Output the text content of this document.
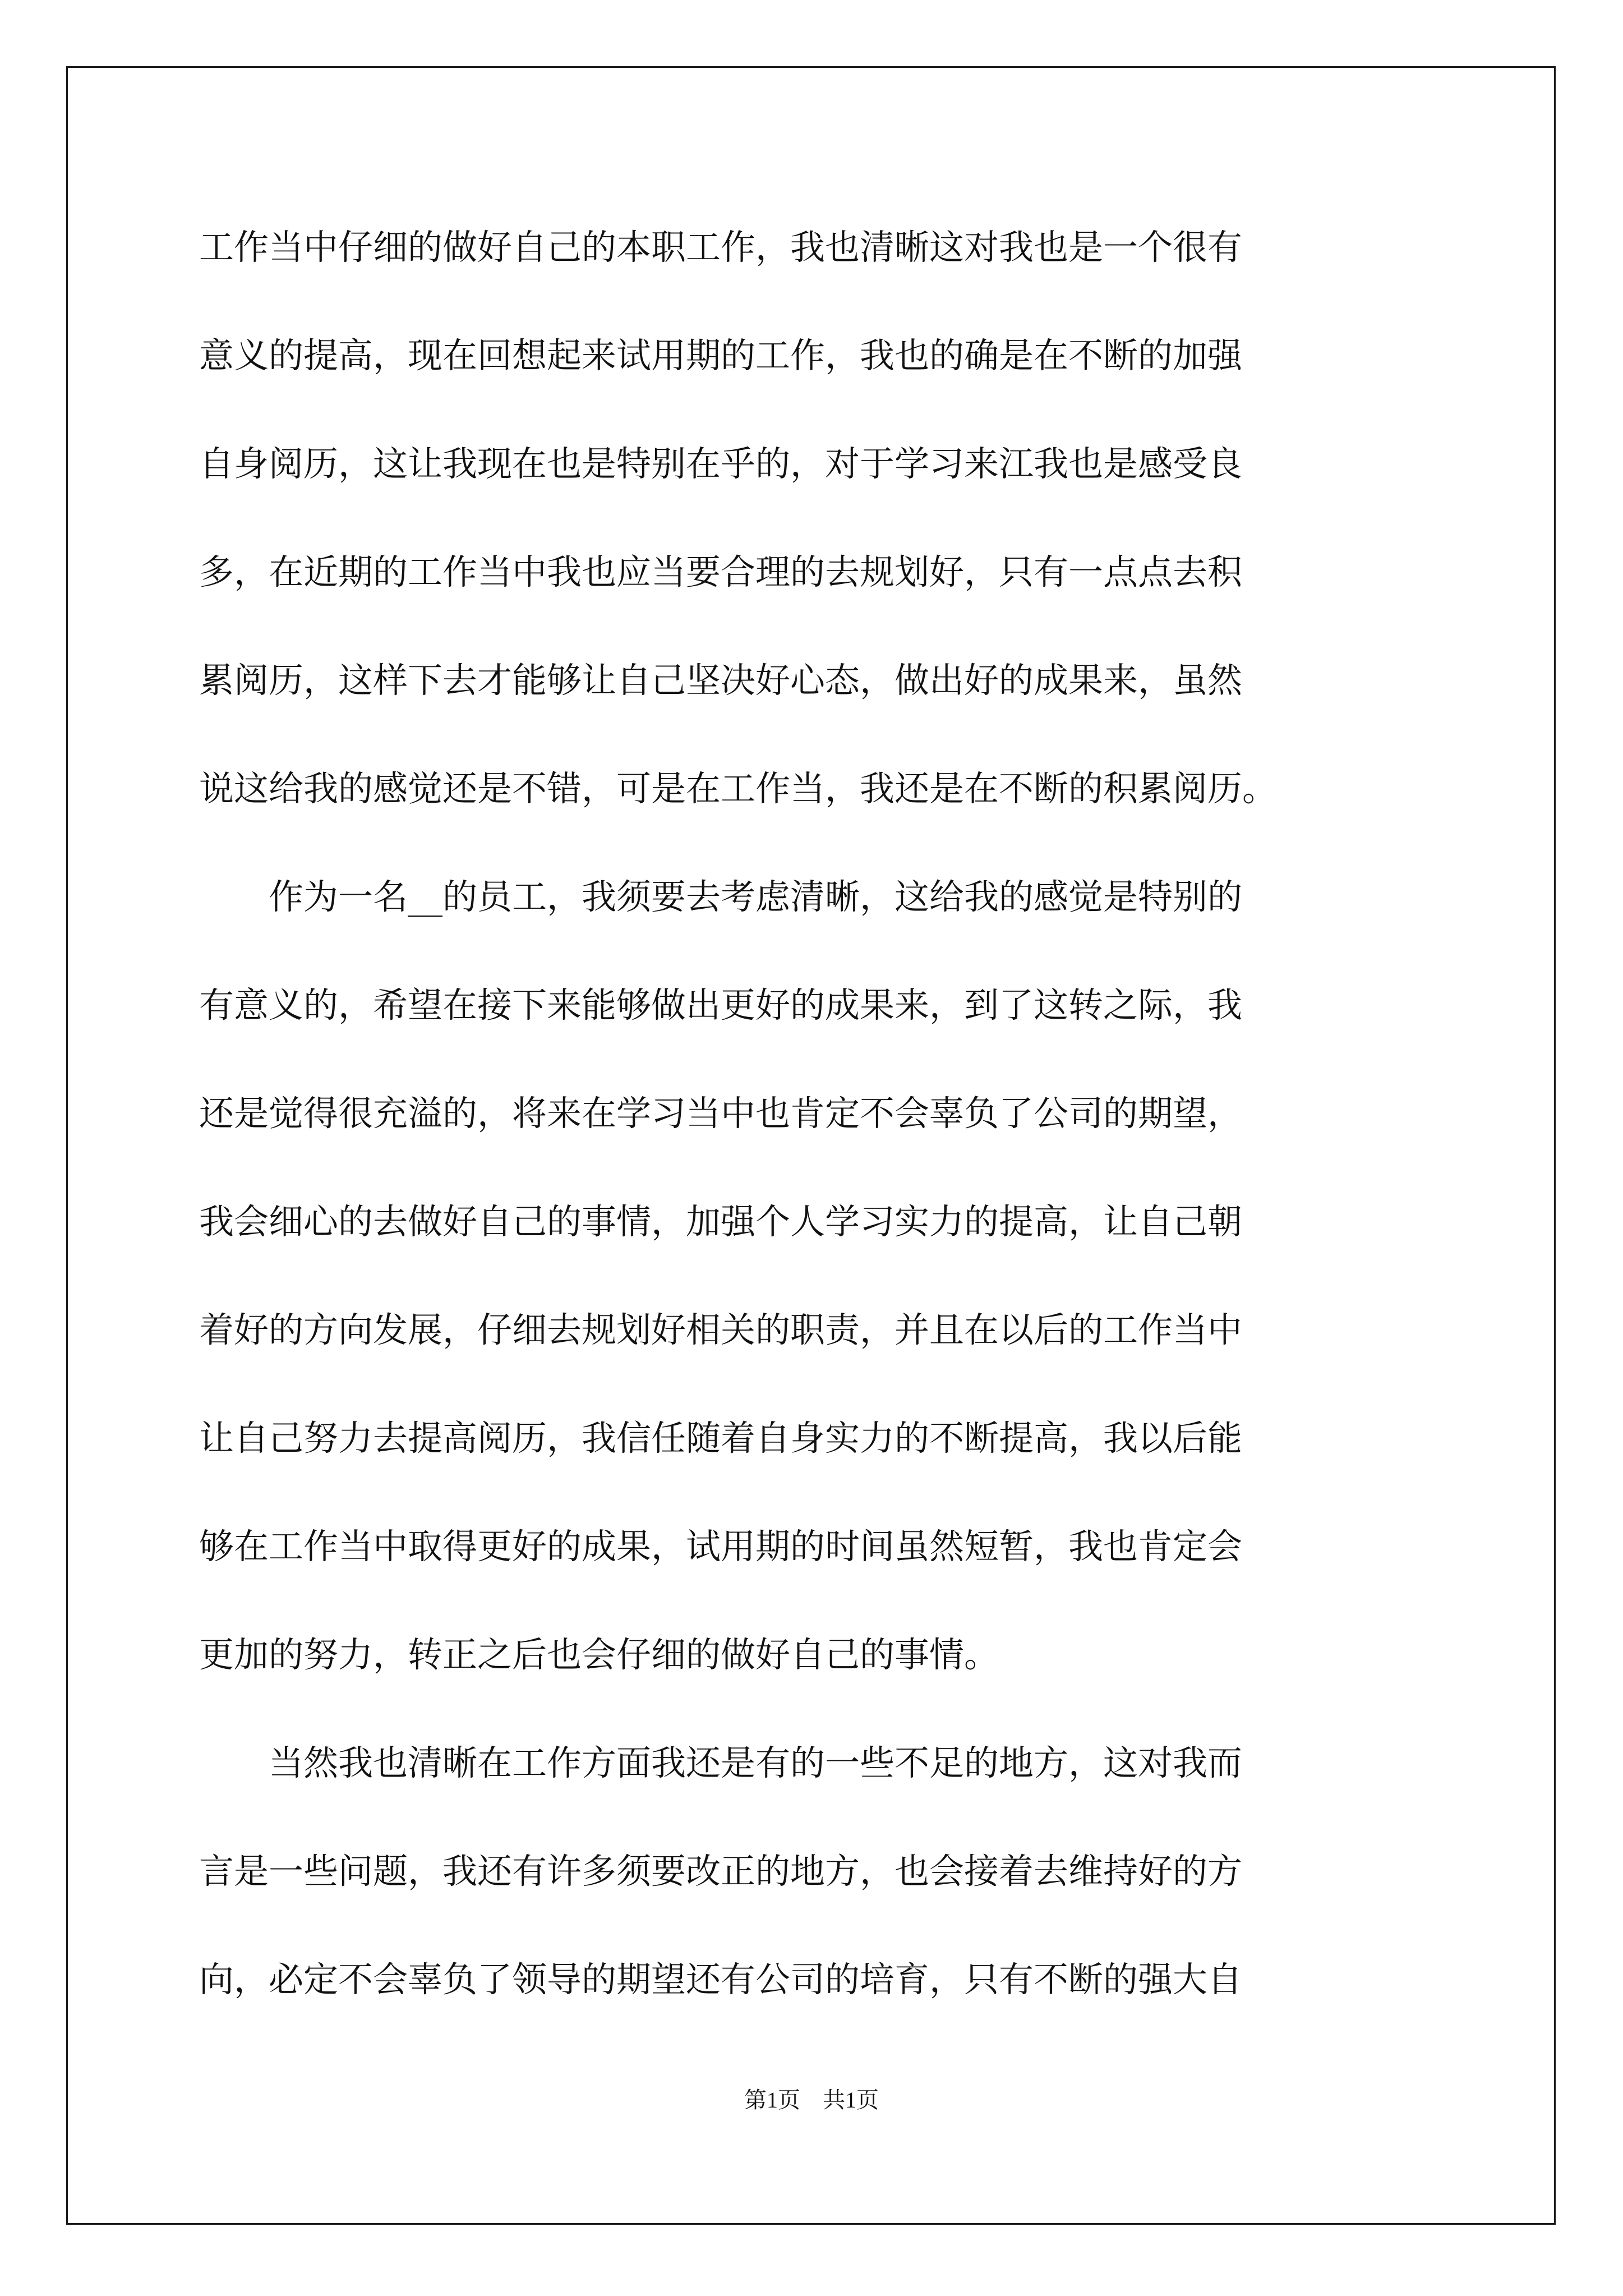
工作当中仔细的做好自己的本职工作，我也清晰这对我也是一个很有
意义的提高，现在回想起来试用期的工作，我也的确是在不断的加强
自身阅历，这让我现在也是特别在乎的，对于学习来江我也是感受良
多，在近期的工作当中我也应当要合理的去规划好，只有一点点去积
累阅历，这样下去才能够让自己坚决好心态，做出好的成果来，虽然
说这给我的感觉还是不错，可是在工作当，我还是在不断的积累阅历。
　　作为一名__的员工，我须要去考虑清晰，这给我的感觉是特别的
有意义的，希望在接下来能够做出更好的成果来，到了这转之际，我
还是觉得很充溢的，将来在学习当中也肯定不会辜负了公司的期望，
我会细心的去做好自己的事情，加强个人学习实力的提高，让自己朝
着好的方向发展，仔细去规划好相关的职责，并且在以后的工作当中
让自己努力去提高阅历，我信任随着自身实力的不断提高，我以后能
够在工作当中取得更好的成果，试用期的时间虽然短暂，我也肯定会
更加的努力，转正之后也会仔细的做好自己的事情。
　　当然我也清晰在工作方面我还是有的一些不足的地方，这对我而
言是一些问题，我还有许多须要改正的地方，也会接着去维持好的方
向，必定不会辜负了领导的期望还有公司的培育，只有不断的强大自
第1页　共1页
